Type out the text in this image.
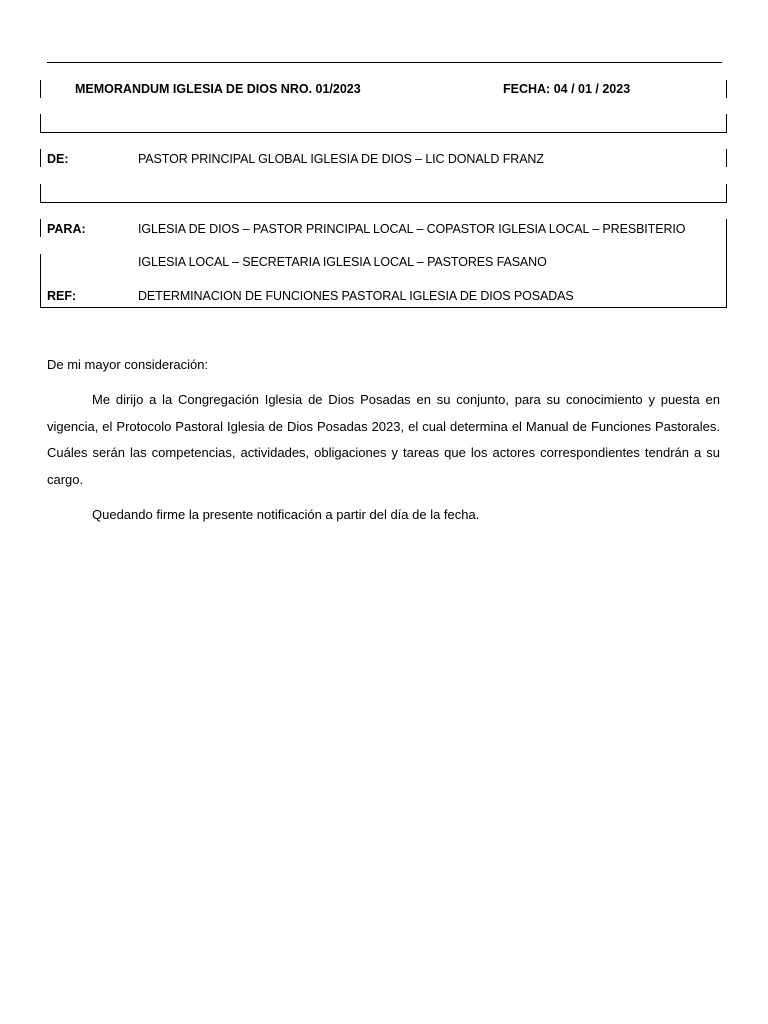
MEMORANDUM IGLESIA DE DIOS NRO. 01/2023	FECHA: 04 / 01 / 2023
DE:	PASTOR PRINCIPAL GLOBAL IGLESIA DE DIOS – LIC DONALD FRANZ
PARA:	IGLESIA DE DIOS – PASTOR PRINCIPAL LOCAL – COPASTOR IGLESIA LOCAL – PRESBITERIO
IGLESIA LOCAL – SECRETARIA IGLESIA LOCAL – PASTORES FASANO
REF:	DETERMINACION DE FUNCIONES PASTORAL IGLESIA DE DIOS POSADAS
De mi mayor consideración:

Me dirijo a la Congregación Iglesia de Dios Posadas en su conjunto, para su conocimiento y puesta en vigencia, el Protocolo Pastoral Iglesia de Dios Posadas 2023, el cual determina el Manual de Funciones Pastorales. Cuáles serán las competencias, actividades, obligaciones y tareas que los actores correspondientes tendrán a su cargo.

Quedando firme la presente notificación a partir del día de la fecha.
